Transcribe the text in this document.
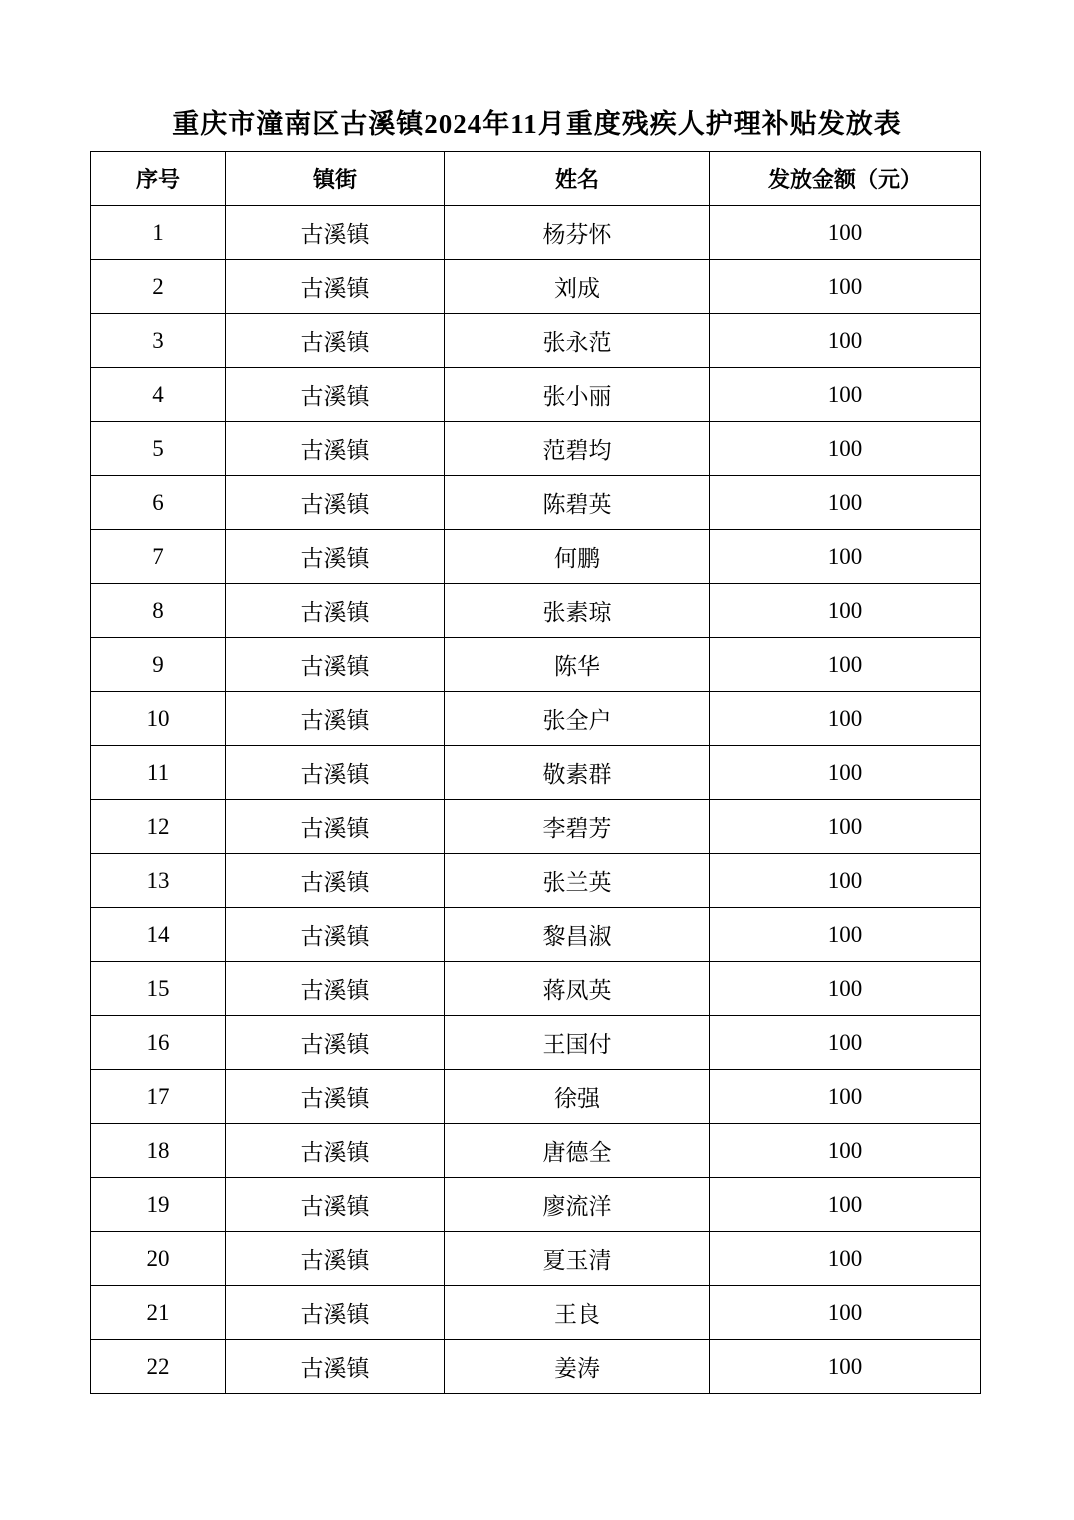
重庆市潼南区古溪镇2024年11月重度残疾人护理补贴发放表
序号	镇街	姓名	发放金额（元）
1	古溪镇	杨芬怀	100
2	古溪镇	刘成	100
3	古溪镇	张永范	100
4	古溪镇	张小丽	100
5	古溪镇	范碧均	100
6	古溪镇	陈碧英	100
7	古溪镇	何鹏	100
8	古溪镇	张素琼	100
9	古溪镇	陈华	100
10	古溪镇	张全户	100
11	古溪镇	敬素群	100
12	古溪镇	李碧芳	100
13	古溪镇	张兰英	100
14	古溪镇	黎昌淑	100
15	古溪镇	蒋凤英	100
16	古溪镇	王国付	100
17	古溪镇	徐强	100
18	古溪镇	唐德全	100
19	古溪镇	廖流洋	100
20	古溪镇	夏玉清	100
21	古溪镇	王良	100
22	古溪镇	姜涛	100
